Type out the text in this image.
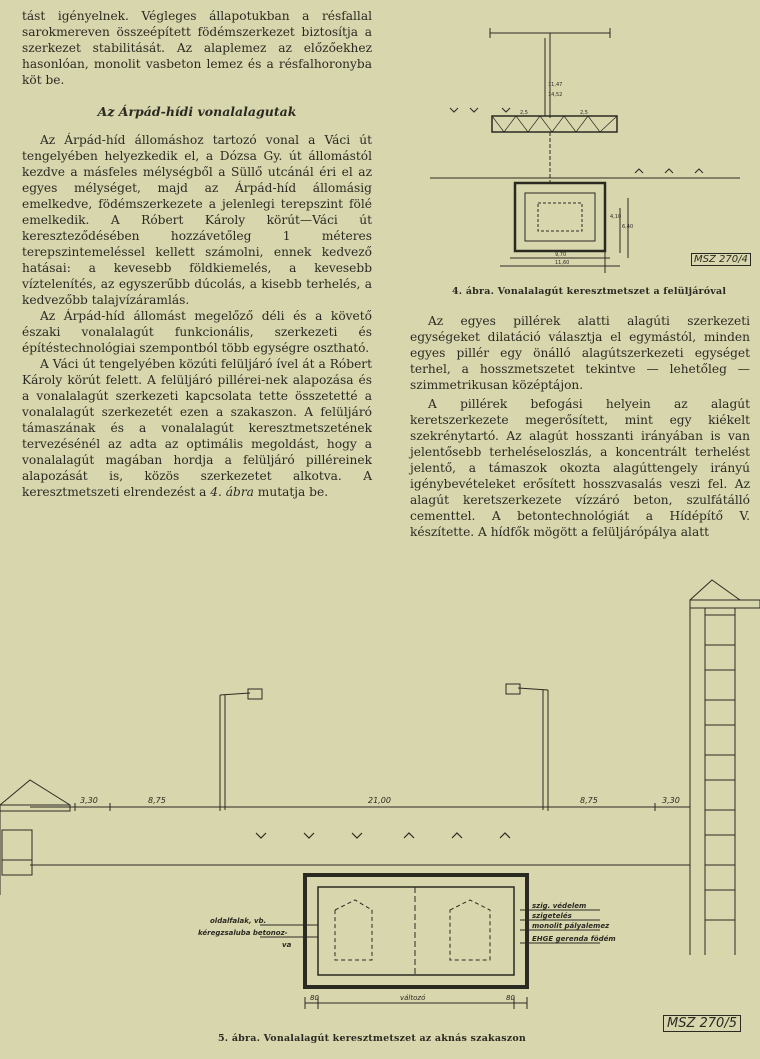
tást igényelnek. Végleges állapotukban a résfallal sarokmereven összeépített födémszerkezet biztosítja a szerkezet stabilitását. Az alaplemez az előzőekhez hasonlóan, monolit vasbeton lemez és a résfalhoronyba köt be.

Az Árpád-hídi vonalalagutak

Az Árpád-híd állomáshoz tartozó vonal a Váci út tengelyében helyezkedik el, a Dózsa Gy. út állomástól kezdve a másfeles mélységből a Süllő utcánál éri el az egyes mélységet, majd az Árpád-híd állomásig emelkedve, födémszerkezete a jelenlegi terepszint fölé emelkedik. A Róbert Károly körút—Váci út kereszteződésében hozzávetőleg 1 méteres terepszintemeléssel kellett számolni, ennek kedvező hatásai: a kevesebb földkiemelés, a kevesebb víztelenítés, az egyszerűbb dúcolás, a kisebb terhelés, a kedvezőbb talajvízáramlás.

Az Árpád-híd állomást megelőző déli és a követő északi vonalalagút funkcionális, szerkezeti és építéstechnológiai szempontból több egységre osztható.

A Váci út tengelyében közúti felüljáró ível át a Róbert Károly körút felett. A felüljáró pillérei-nek alapozása és a vonalalagút szerkezeti kapcsolata tette összetetté a vonalalagút szerkezetét ezen a szakaszon. A felüljáró támaszának és a vonalalagút keresztmetszetének tervezésénél az adta az optimális megoldást, hogy a vonalalagút magában hordja a felüljáró pilléreinek alapozását is, közös szerkezetet alkotva. A keresztmetszeti elrendezést a 4. ábra mutatja be.

11,47
14,52
2,5	2,5
9,70
11,60
4,10
6,40
MSZ 270/4
4. ábra. Vonalalagút keresztmetszet a felüljáróval

Az egyes pillérek alatti alagúti szerkezeti egységeket dilatáció választja el egymástól, minden egyes pillér egy önálló alagútszerkezeti egységet terhel, a hosszmetszetet tekintve — lehetőleg — szimmetrikusan középtájon.

A pillérek befogási helyein az alagút keretszerkezete megerősített, mint egy kiékelt szekrénytartó. Az alagút hosszanti irányában is van jelentősebb terheléseloszlás, a koncentrált terhelést jelentő, a támaszok okozta alagúttengely irányú igénybevételeket erősített hosszvasalás veszi fel. Az alagút keretszerkezete vízzáró beton, szulfátálló cementtel. A betontechnológiát a Hídépítő V. készítette. A hídfők mögött a felüljárópálya alatt

3,30	8,75	21,00	8,75	3,30
80	változó	80
oldalfalak, vb.
kéregzsaluba betonoz-
va
szig. védelem
szigetelés
monolit pályalemez
EHGE gerenda födém
MSZ 270/5
5. ábra. Vonalalagút keresztmetszet az aknás szakaszon
